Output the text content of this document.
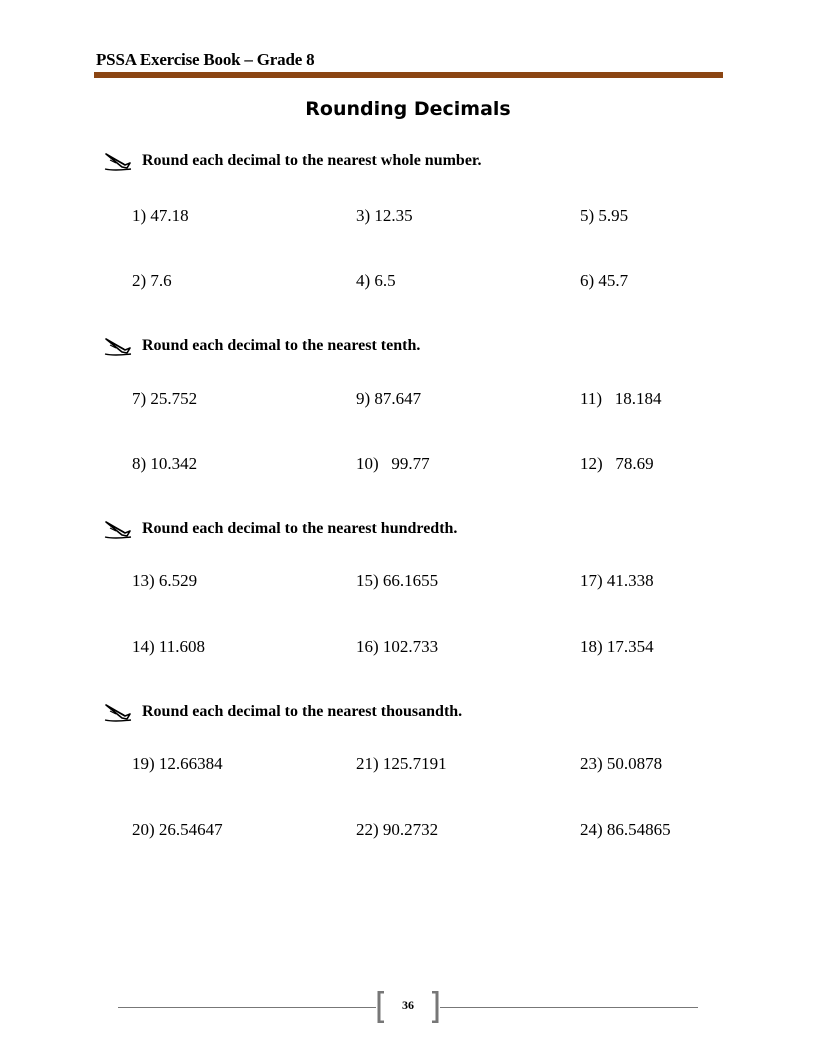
PSSA Exercise Book – Grade 8
Rounding Decimals
Round each decimal to the nearest whole number.
1) 47.18
2) 7.6
3) 12.35
4) 6.5
5) 5.95
6) 45.7
Round each decimal to the nearest tenth.
7) 25.752
8) 10.342
9) 87.647
10)   99.77
11)   18.184
12)   78.69
Round each decimal to the nearest hundredth.
13) 6.529
14) 11.608
15) 66.1655
16) 102.733
17) 41.338
18) 17.354
Round each decimal to the nearest thousandth.
19) 12.66384
20) 26.54647
21) 125.7191
22) 90.2732
23) 50.0878
24) 86.54865
36
